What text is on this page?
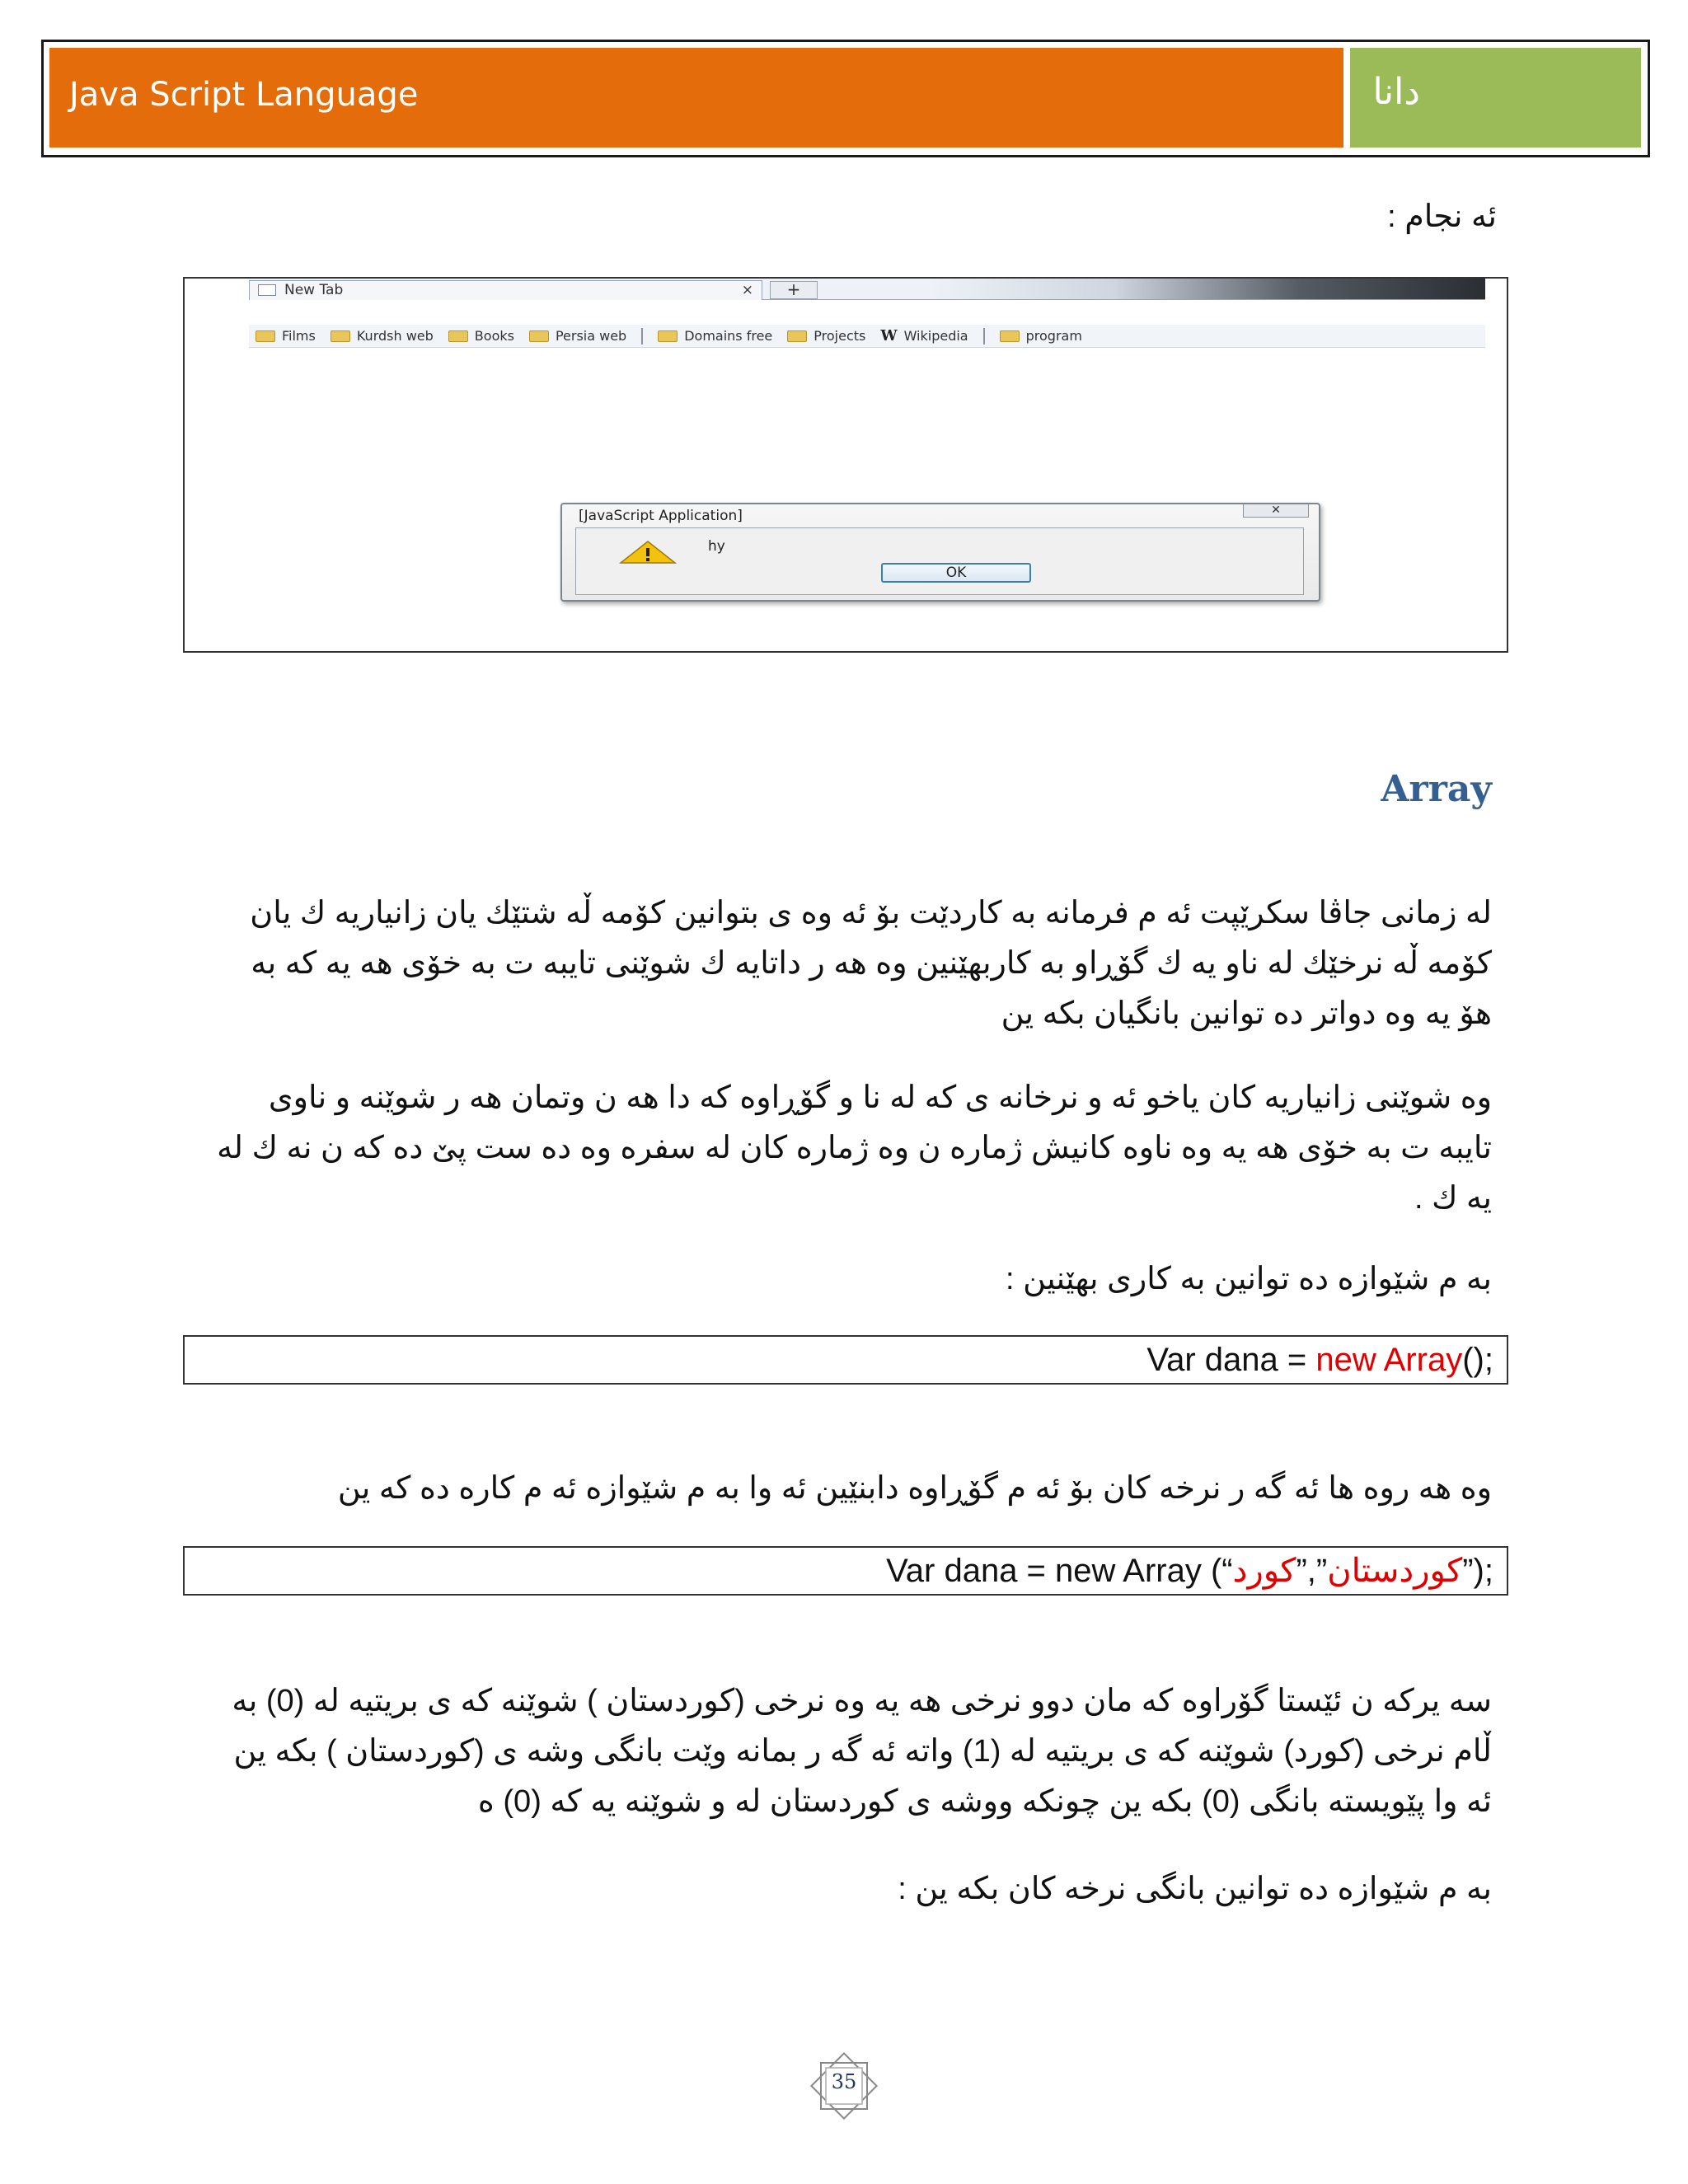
Java Script Language	دانا
ئه نجام :
New Tab	×	+
Films	Kurdsh web	Books	Persia web	Domains free	Projects W Wikipedia	program
[JavaScript Application]	✕
hy
OK
Array
له زمانی جاڤا سکرێپت ئه م فرمانه به کاردێت بۆ ئه وه ی بتوانین کۆمه ڵه شتێك یان زانیاریه ك یان کۆمه ڵه نرخێك له ناو یه ك گۆڕاو به کاربهێنین وه هه ر داتایه ك شوێنی تایبه ت به خۆی هه یه که به هۆ یه وه دواتر ده توانین بانگیان بکه ین
وه شوێنی زانیاریه کان یاخو ئه و نرخانه ی که له نا و گۆڕاوه که دا هه ن وتمان هه ر شوێنه و ناوی تایبه ت به خۆی هه یه وه ناوه کانیش ژماره ن وه ژماره کان له سفره وه ده ست پێ ده که ن نه ك له یه ك .
به م شێوازه ده توانین به کاری بهێنین :
Var dana = new Array();
وه هه روه ها ئه گه ر نرخه کان بۆ ئه م گۆڕاوه دابنێین ئه وا به م شێوازه ئه م کاره ده که ین
Var dana = new Array (“	کوردستان”,”کورد	”);
سه یرکه ن ئێستا گۆراوه که مان دوو نرخی هه یه وه نرخی (کوردستان ) شوێنه که ی بریتیه له (0) به ڵام نرخی (کورد) شوێنه که ی بریتیه له (1) واته ئه گه ر بمانه وێت بانگی وشه ی (کوردستان ) بکه ین ئه وا پێویسته بانگی (0) بکه ین چونکه ووشه ی کوردستان له و شوێنه یه که (0) ه
به م شێوازه ده توانین بانگی نرخه کان بکه ین :
35
